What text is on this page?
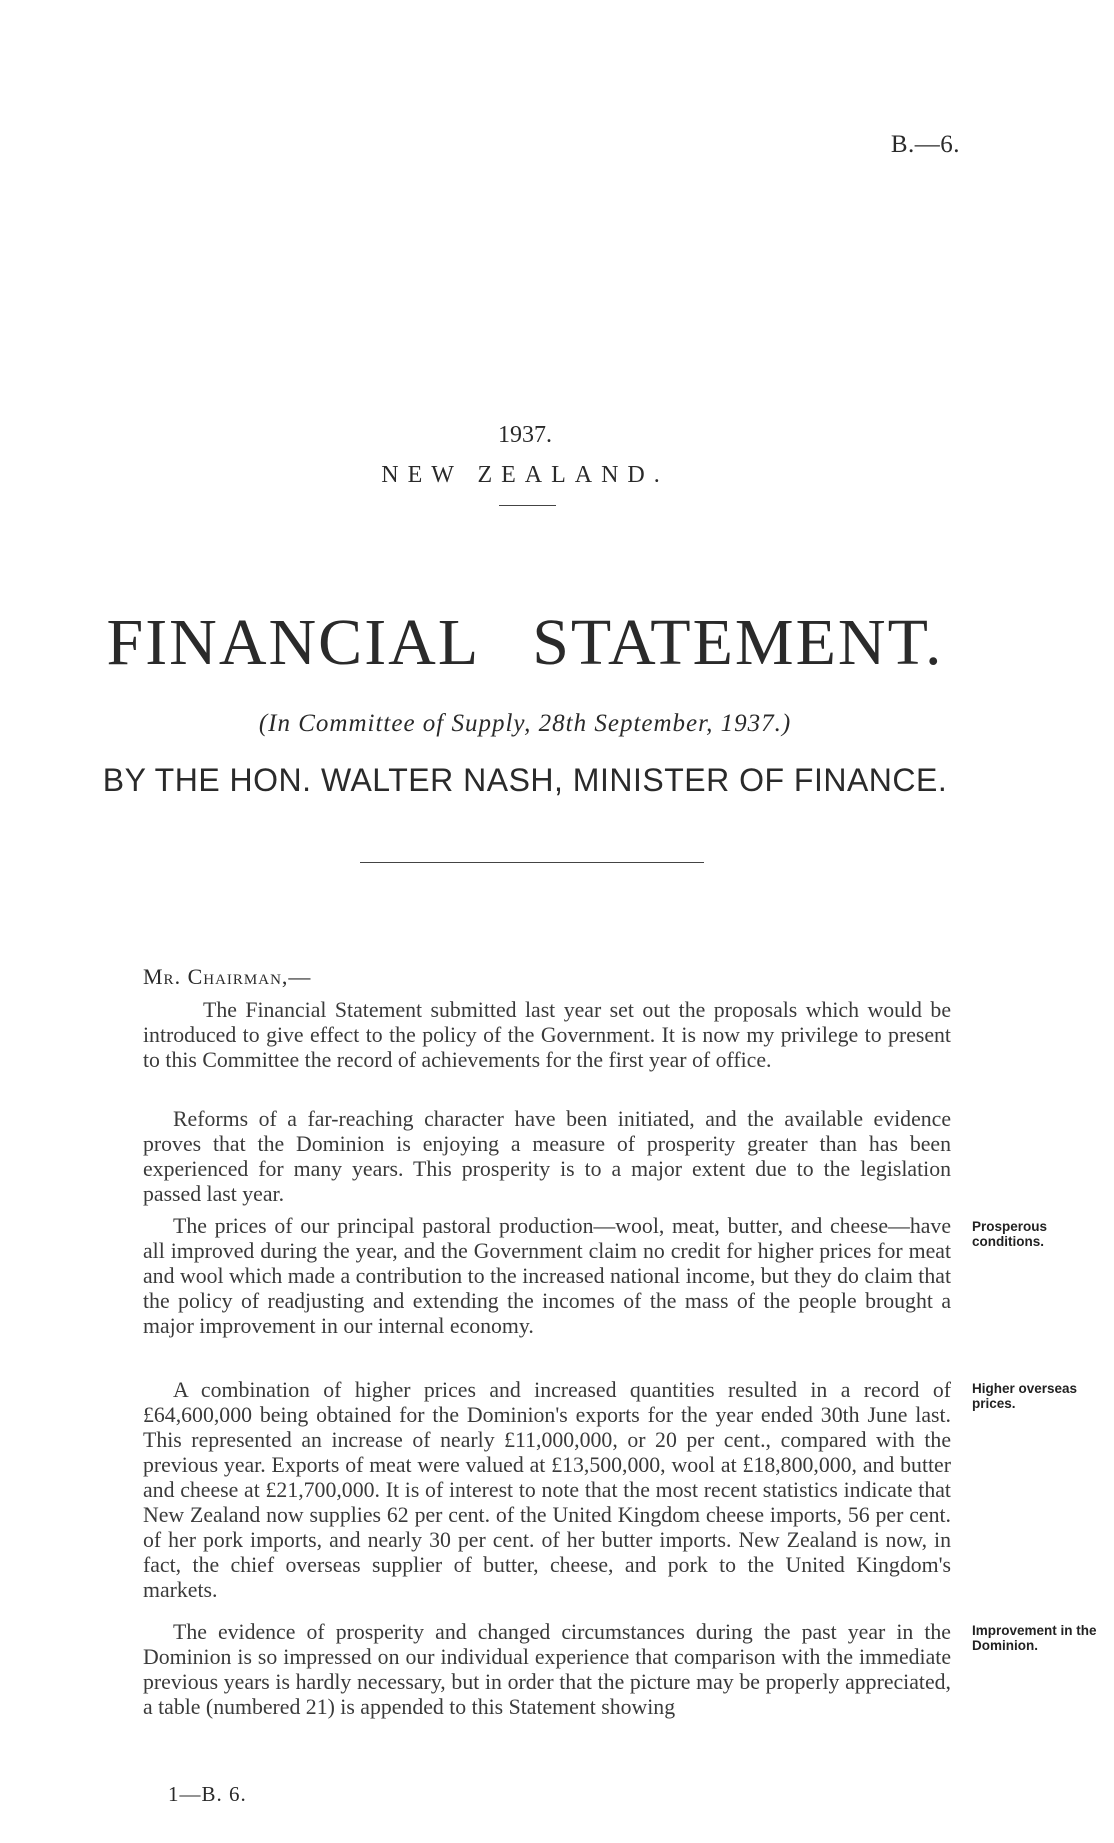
B.—6.
1937.
NEW ZEALAND.
FINANCIAL STATEMENT.
(In Committee of Supply, 28th September, 1937.)
BY THE HON. WALTER NASH, MINISTER OF FINANCE.
Mr. Chairman,—

The Financial Statement submitted last year set out the proposals which would be introduced to give effect to the policy of the Government. It is now my privilege to present to this Committee the record of achievements for the first year of office.

Reforms of a far-reaching character have been initiated, and the available evidence proves that the Dominion is enjoying a measure of prosperity greater than has been experienced for many years. This prosperity is to a major extent due to the legislation passed last year.

The prices of our principal pastoral production—wool, meat, butter, and cheese—have all improved during the year, and the Government claim no credit for higher prices for meat and wool which made a contribution to the increased national income, but they do claim that the policy of readjusting and extending the incomes of the mass of the people brought a major improvement in our internal economy.

A combination of higher prices and increased quantities resulted in a record of £64,600,000 being obtained for the Dominion's exports for the year ended 30th June last. This represented an increase of nearly £11,000,000, or 20 per cent., compared with the previous year. Exports of meat were valued at £13,500,000, wool at £18,800,000, and butter and cheese at £21,700,000. It is of interest to note that the most recent statistics indicate that New Zealand now supplies 62 per cent. of the United Kingdom cheese imports, 56 per cent. of her pork imports, and nearly 30 per cent. of her butter imports. New Zealand is now, in fact, the chief overseas supplier of butter, cheese, and pork to the United Kingdom's markets.

The evidence of prosperity and changed circumstances during the past year in the Dominion is so impressed on our individual experience that comparison with the immediate previous years is hardly necessary, but in order that the picture may be properly appreciated, a table (numbered 21) is appended to this Statement showing

Prosperous conditions.
Higher overseas prices.
Improvement in the Dominion.
1—B. 6.
